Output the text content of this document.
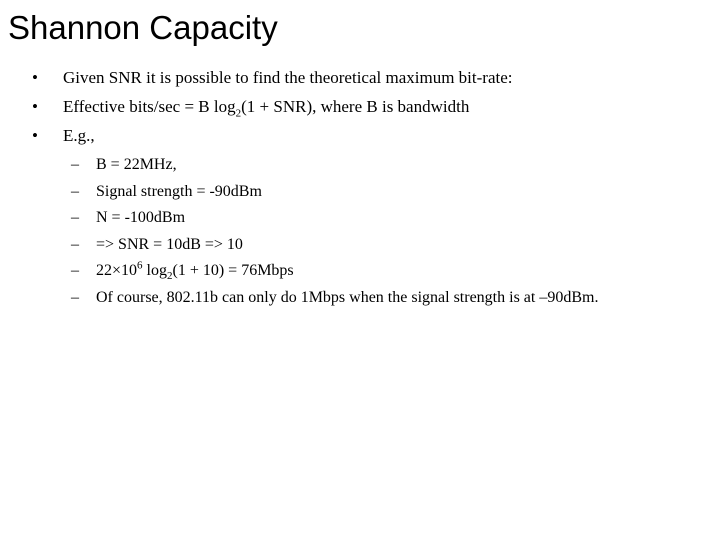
Shannon Capacity
• Given SNR it is possible to find the theoretical maximum bit-rate:
• Effective bits/sec = B $\log_2(1 + SNR)$, where B is bandwidth
• E.g.,
– B = 22MHz,
– Signal strength = -90dBm
– N = -100dBm
– => SNR = 10dB => 10
– $22\times 10^6$ $\log_2(1 + 10)$ = 76Mbps
– Of course, 802.11b can only do 1Mbps when the signal strength is at –90dBm.
